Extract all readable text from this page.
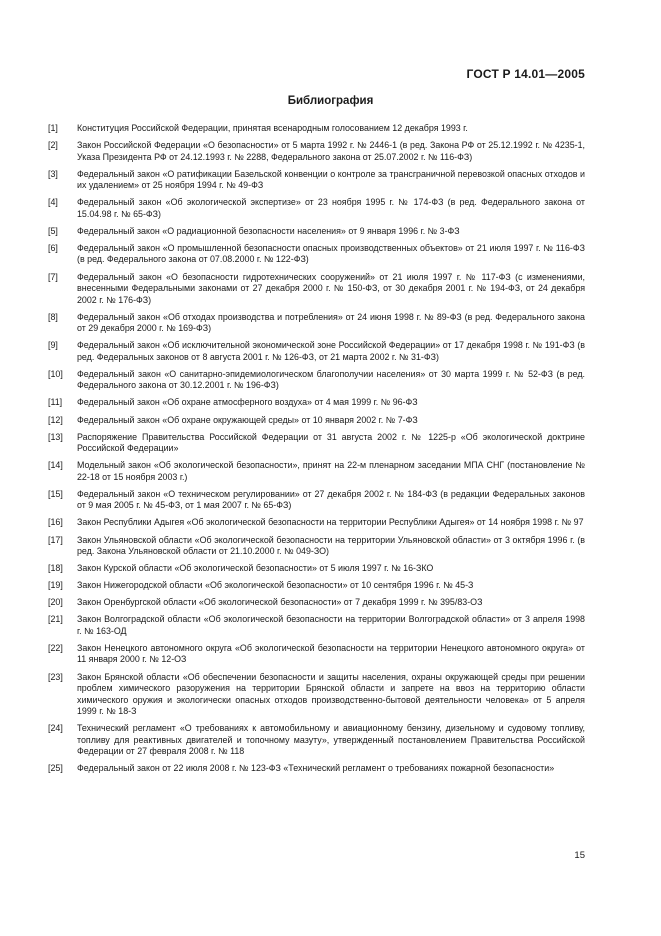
ГОСТ Р 14.01—2005
Библиография
[1]	Конституция Российской Федерации, принятая всенародным голосованием 12 декабря 1993 г.
[2]	Закон Российской Федерации «О безопасности» от 5 марта 1992 г. № 2446-1 (в ред. Закона РФ от 25.12.1992 г. № 4235-1, Указа Президента РФ от 24.12.1993 г. № 2288, Федерального закона от 25.07.2002 г. № 116-ФЗ)
[3]	Федеральный закон «О ратификации Базельской конвенции о контроле за трансграничной перевозкой опасных отходов и их удалением» от 25 ноября 1994 г. № 49-ФЗ
[4]	Федеральный закон «Об экологической экспертизе» от 23 ноября 1995 г. № 174-ФЗ (в ред. Федерального закона от 15.04.98 г. № 65-ФЗ)
[5]	Федеральный закон «О радиационной безопасности населения» от 9 января 1996 г. № 3-ФЗ
[6]	Федеральный закон «О промышленной безопасности опасных производственных объектов» от 21 июля 1997 г. № 116-ФЗ (в ред. Федерального закона от 07.08.2000 г. № 122-ФЗ)
[7]	Федеральный закон «О безопасности гидротехнических сооружений» от 21 июля 1997 г. № 117-ФЗ (с изменениями, внесенными Федеральными законами от 27 декабря 2000 г. № 150-ФЗ, от 30 декабря 2001 г. № 194-ФЗ, от 24 декабря 2002 г. № 176-ФЗ)
[8]	Федеральный закон «Об отходах производства и потребления» от 24 июня 1998 г. № 89-ФЗ (в ред. Федерального закона от 29 декабря 2000 г. № 169-ФЗ)
[9]	Федеральный закон «Об исключительной экономической зоне Российской Федерации» от 17 декабря 1998 г. № 191-ФЗ (в ред. Федеральных законов от 8 августа 2001 г. № 126-ФЗ, от 21 марта 2002 г. № 31-ФЗ)
[10]	Федеральный закон «О санитарно-эпидемиологическом благополучии населения» от 30 марта 1999 г. № 52-ФЗ (в ред. Федерального закона от 30.12.2001 г. № 196-ФЗ)
[11]	Федеральный закон «Об охране атмосферного воздуха» от 4 мая 1999 г. № 96-ФЗ
[12]	Федеральный закон «Об охране окружающей среды» от 10 января 2002 г. № 7-ФЗ
[13]	Распоряжение Правительства Российской Федерации от 31 августа 2002 г. № 1225-р «Об экологической доктрине Российской Федерации»
[14]	Модельный закон «Об экологической безопасности», принят на 22-м пленарном заседании МПА СНГ (постановление № 22-18 от 15 ноября 2003 г.)
[15]	Федеральный закон «О техническом регулировании» от 27 декабря 2002 г. № 184-ФЗ (в редакции Федеральных законов от 9 мая 2005 г. № 45-ФЗ, от 1 мая 2007 г. № 65-ФЗ)
[16]	Закон Республики Адыгея «Об экологической безопасности на территории Республики Адыгея» от 14 ноября 1998 г. № 97
[17]	Закон Ульяновской области «Об экологической безопасности на территории Ульяновской области» от 3 октября 1996 г. (в ред. Закона Ульяновской области от 21.10.2000 г. № 049-ЗО)
[18]	Закон Курской области «Об экологической безопасности» от 5 июля 1997 г. № 16-ЗКО
[19]	Закон Нижегородской области «Об экологической безопасности» от 10 сентября 1996 г. № 45-З
[20]	Закон Оренбургской области «Об экологической безопасности» от 7 декабря 1999 г. № 395/83-ОЗ
[21]	Закон Волгоградской области «Об экологической безопасности на территории Волгоградской области» от 3 апреля 1998 г. № 163-ОД
[22]	Закон Ненецкого автономного округа «Об экологической безопасности на территории Ненецкого автономного округа» от 11 января 2000 г. № 12-ОЗ
[23]	Закон Брянской области «Об обеспечении безопасности и защиты населения, охраны окружающей среды при решении проблем химического разоружения на территории Брянской области и запрете на ввоз на территорию области химического оружия и экологически опасных отходов производственно-бытовой деятельности человека» от 5 апреля 1999 г. № 18-З
[24]	Технический регламент «О требованиях к автомобильному и авиационному бензину, дизельному и судовому топливу, топливу для реактивных двигателей и топочному мазуту», утвержденный постановлением Правительства Российской Федерации от 27 февраля 2008 г. № 118
[25]	Федеральный закон от 22 июля 2008 г. № 123-ФЗ «Технический регламент о требованиях пожарной безопасности»
15
